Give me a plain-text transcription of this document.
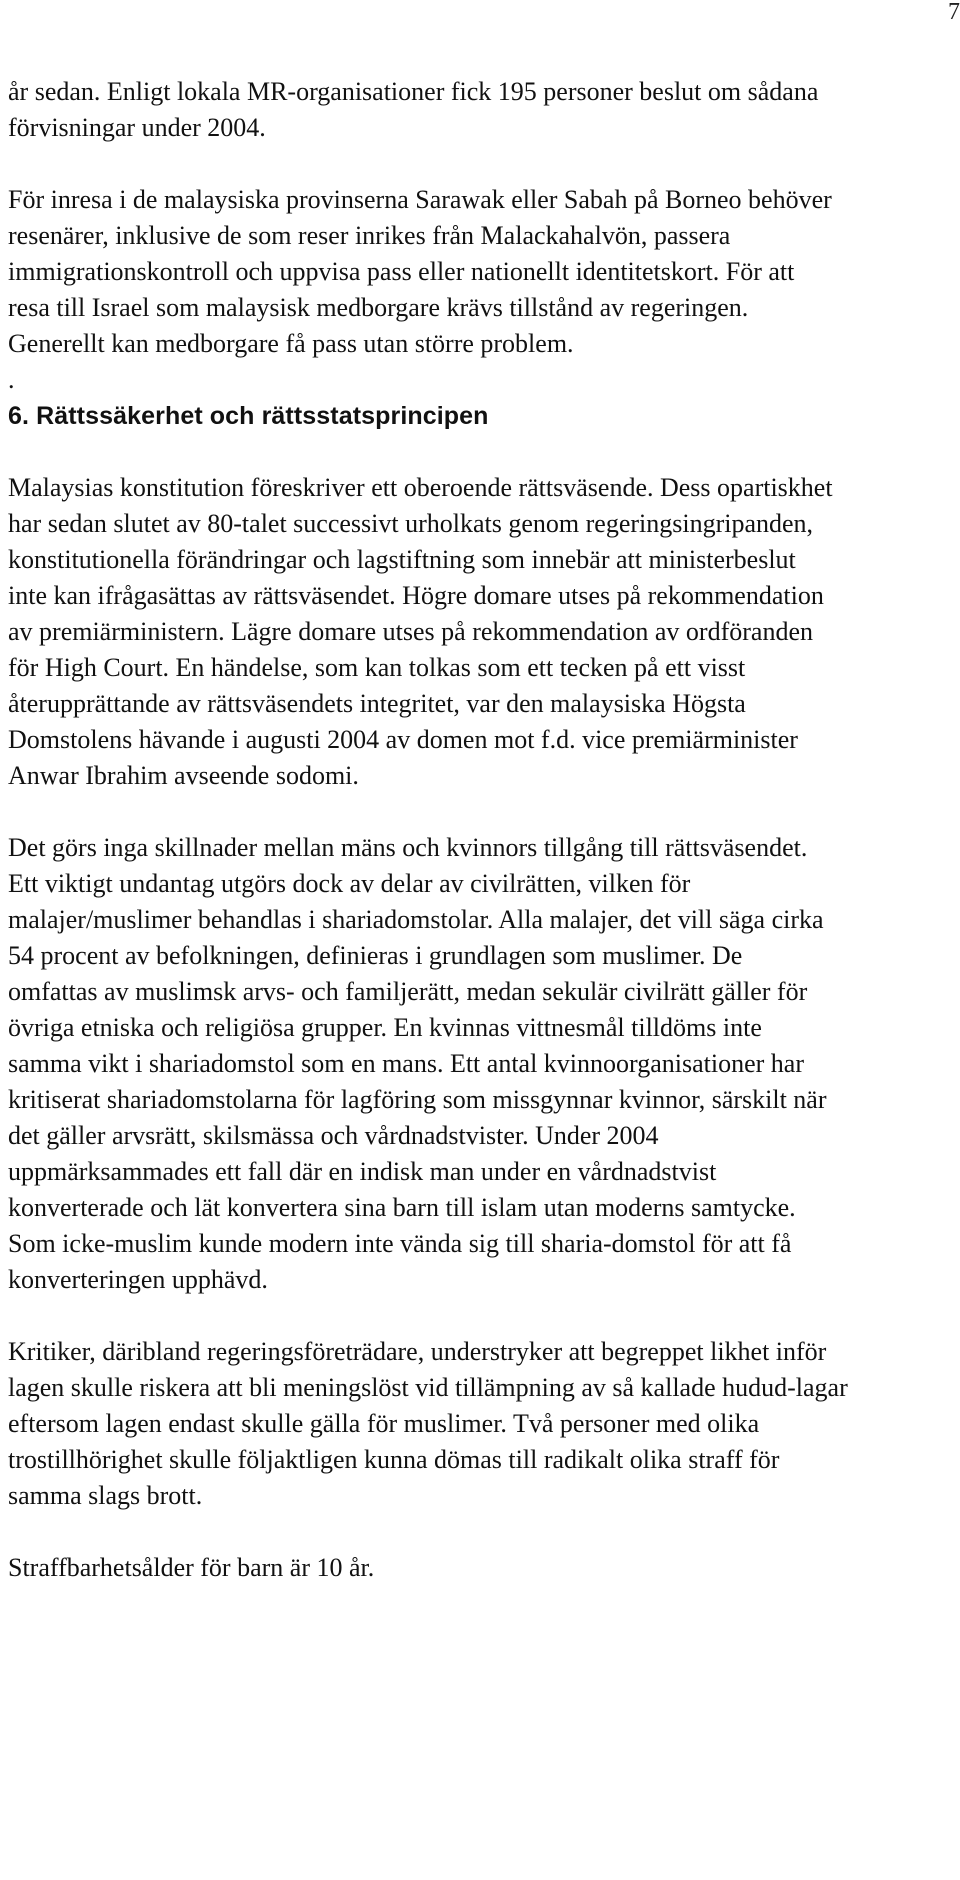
7
år sedan. Enligt lokala MR-organisationer fick 195 personer beslut om sådana
förvisningar under 2004.
För inresa i de malaysiska provinserna Sarawak eller Sabah på Borneo behöver
resenärer, inklusive de som reser inrikes från Malackahalvön, passera
immigrationskontroll och uppvisa pass eller nationellt identitetskort. För att
resa till Israel som malaysisk medborgare krävs tillstånd av regeringen.
Generellt kan medborgare få pass utan större problem.
.
6. Rättssäkerhet och rättsstatsprincipen
Malaysias konstitution föreskriver ett oberoende rättsväsende. Dess opartiskhet
har sedan slutet av 80-talet successivt urholkats genom regeringsingripanden,
konstitutionella förändringar och lagstiftning som innebär att ministerbeslut
inte kan ifrågasättas av rättsväsendet. Högre domare utses på rekommendation
av premiärministern. Lägre domare utses på rekommendation av ordföranden
för High Court. En händelse, som kan tolkas som ett tecken på ett visst
återupprättande av rättsväsendets integritet, var den malaysiska Högsta
Domstolens hävande i augusti 2004 av domen mot f.d. vice premiärminister
Anwar Ibrahim avseende sodomi.
Det görs inga skillnader mellan mäns och kvinnors tillgång till rättsväsendet.
Ett viktigt undantag utgörs dock av delar av civilrätten, vilken för
malajer/muslimer behandlas i shariadomstolar. Alla malajer, det vill säga cirka
54 procent av befolkningen, definieras i grundlagen som muslimer. De
omfattas av muslimsk arvs- och familjerätt, medan sekulär civilrätt gäller för
övriga etniska och religiösa grupper. En kvinnas vittnesmål tilldöms inte
samma vikt i shariadomstol som en mans. Ett antal kvinnoorganisationer har
kritiserat shariadomstolarna för lagföring som missgynnar kvinnor, särskilt när
det gäller arvsrätt, skilsmässa och vårdnadstvister. Under 2004
uppmärksammades ett fall där en indisk man under en vårdnadstvist
konverterade och lät konvertera sina barn till islam utan moderns samtycke.
Som icke-muslim kunde modern inte vända sig till sharia-domstol för att få
konverteringen upphävd.
Kritiker, däribland regeringsföreträdare, understryker att begreppet likhet inför
lagen skulle riskera att bli meningslöst vid tillämpning av så kallade hudud-lagar
eftersom lagen endast skulle gälla för muslimer. Två personer med olika
trostillhörighet skulle följaktligen kunna dömas till radikalt olika straff för
samma slags brott.
Straffbarhetsålder för barn är 10 år.
